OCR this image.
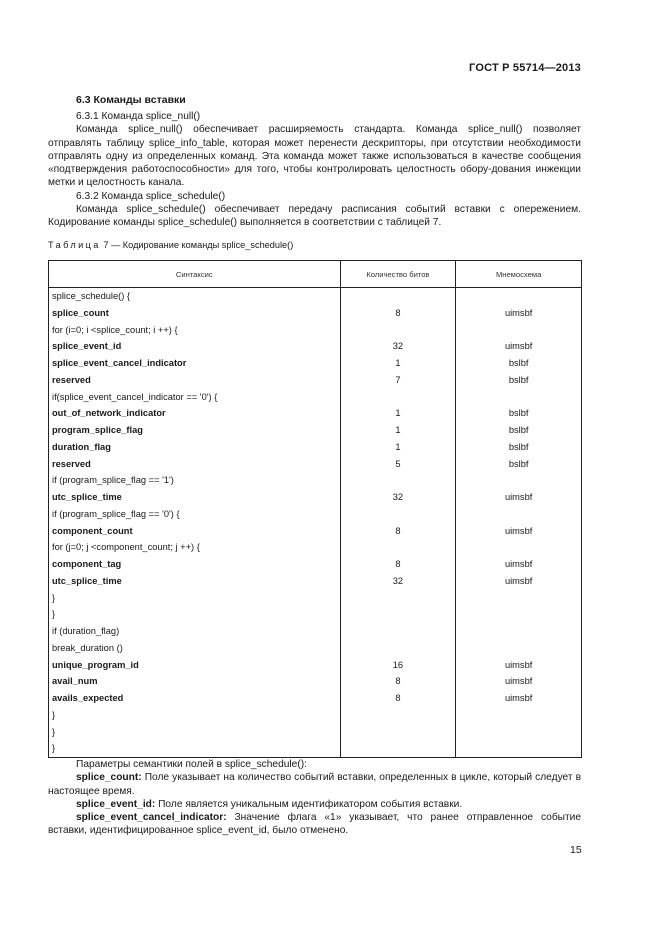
ГОСТ Р 55714—2013
6.3 Команды вставки

6.3.1 Команда splice_null()

Команда splice_null() обеспечивает расширяемость стандарта. Команда splice_null() позволяет отправлять таблицу splice_info_table, которая может перенести дескрипторы, при отсутствии необходимости отправлять одну из определенных команд. Эта команда может также использоваться в качестве сообщения «подтверждения работоспособности» для того, чтобы контролировать целостность обору-дования инжекции метки и целостность канала.

6.3.2 Команда splice_schedule()

Команда splice_schedule() обеспечивает передачу расписания событий вставки с опережением. Кодирование команды splice_schedule() выполняется в соответствии с таблицей 7.

Таблица 7 — Кодирование команды splice_schedule()
Синтаксис	Количество битов	Мнемосхема
splice_schedule() {		
splice_count	8	uimsbf
for (i=0; i <splice_count; i ++) {		
splice_event_id	32	uimsbf
splice_event_cancel_indicator	1	bslbf
reserved	7	bslbf
if(splice_event_cancel_indicator == '0') {		
out_of_network_indicator	1	bslbf
program_splice_flag	1	bslbf
duration_flag	1	bslbf
reserved	5	bslbf
if (program_splice_flag == '1')		
utc_splice_time	32	uimsbf
if (program_splice_flag == '0') {		
component_count	8	uimsbf
for (j=0; j <component_count; j ++) {		
component_tag	8	uimsbf
utc_splice_time	32	uimsbf
}		
}		
if (duration_flag)		
break_duration ()		
unique_program_id	16	uimsbf
avail_num	8	uimsbf
avails_expected	8	uimsbf
}		
}		
}		

Параметры семантики полей в splice_schedule():

splice_count: Поле указывает на количество событий вставки, определенных в цикле, который следует в настоящее время.

splice_event_id: Поле является уникальным идентификатором события вставки.

splice_event_cancel_indicator: Значение флага «1» указывает, что ранее отправленное событие вставки, идентифицированное splice_event_id, было отменено.

15
